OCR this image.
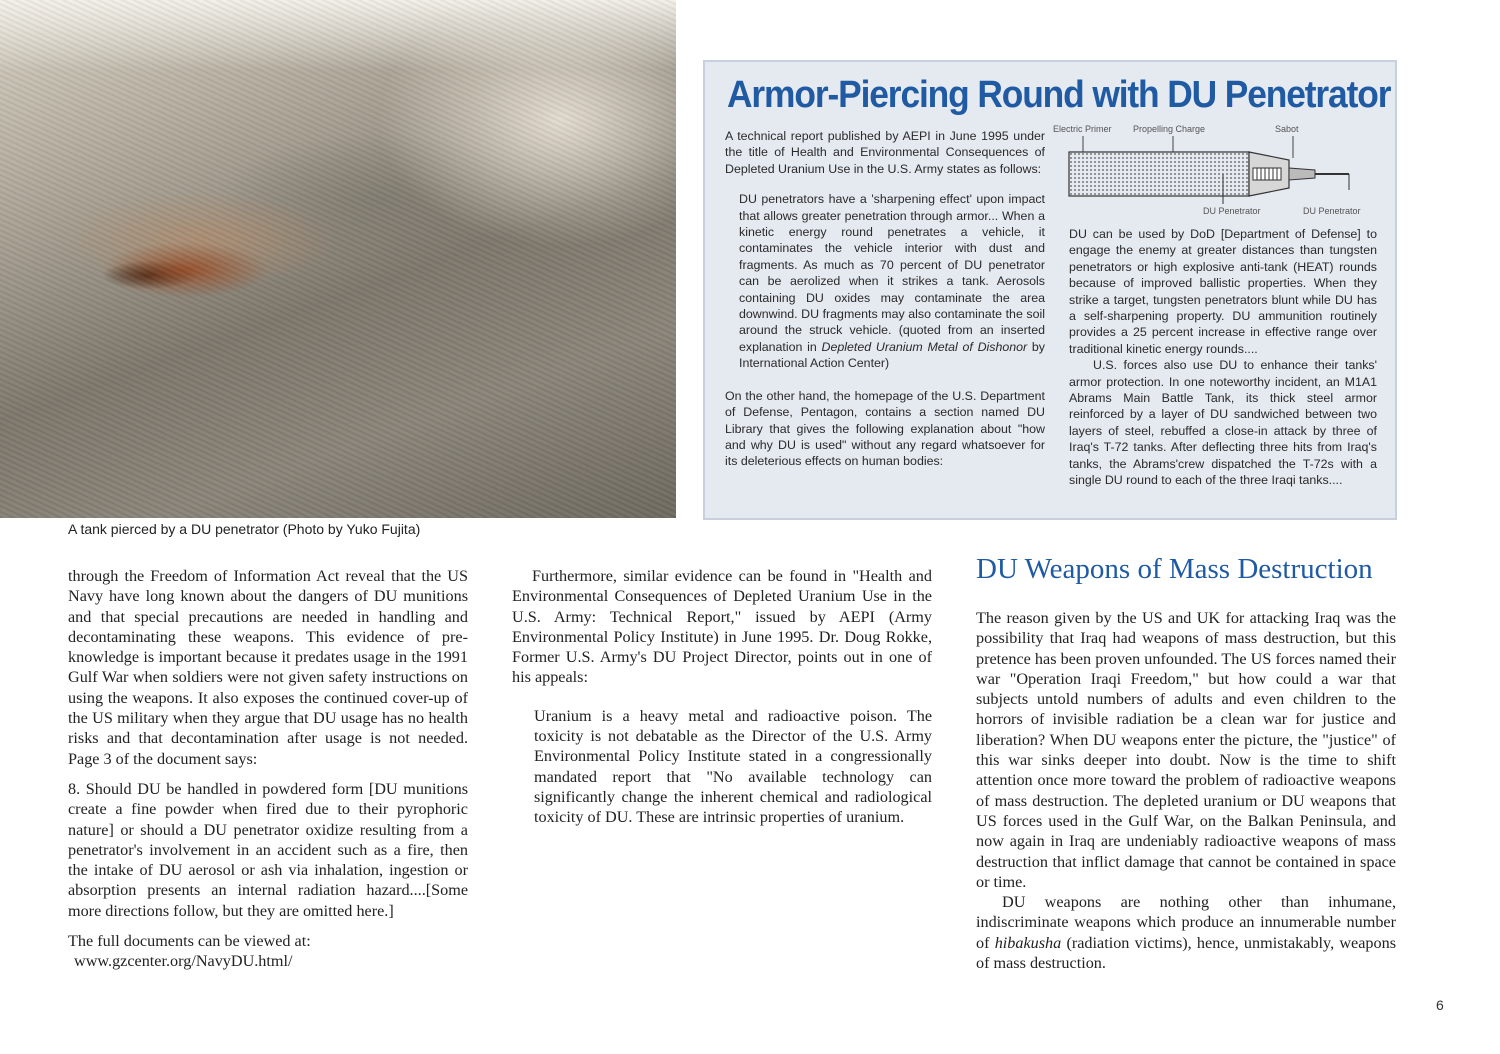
A tank pierced by a DU penetrator (Photo by Yuko Fujita)
Armor-Piercing Round with DU Penetrator

A technical report published by AEPI in June 1995 under the title of Health and Environmental Consequences of Depleted Uranium Use in the U.S. Army states as follows:

DU penetrators have a 'sharpening effect' upon impact that allows greater penetration through armor... When a kinetic energy round penetrates a vehicle, it contaminates the vehicle interior with dust and fragments. As much as 70 percent of DU penetrator can be aerolized when it strikes a tank. Aerosols containing DU oxides may contaminate the area downwind. DU fragments may also contaminate the soil around the struck vehicle. (quoted from an inserted explanation in Depleted Uranium Metal of Dishonor by International Action Center)

On the other hand, the homepage of the U.S. Department of Defense, Pentagon, contains a section named DU Library that gives the following explanation about "how and why DU is used" without any regard whatsoever for its deleterious effects on human bodies:

Electric Primer Propelling Charge	Sabot
DU Penetrator	DU Penetrator

DU can be used by DoD [Department of Defense] to engage the enemy at greater distances than tungsten penetrators or high explosive anti-tank (HEAT) rounds because of improved ballistic properties. When they strike a target, tungsten penetrators blunt while DU has a self-sharpening property. DU ammunition routinely provides a 25 percent increase in effective range over traditional kinetic energy rounds....

U.S. forces also use DU to enhance their tanks' armor protection. In one noteworthy incident, an M1A1 Abrams Main Battle Tank, its thick steel armor reinforced by a layer of DU sandwiched between two layers of steel, rebuffed a close-in attack by three of Iraq's T-72 tanks. After deflecting three hits from Iraq's tanks, the Abrams'crew dispatched the T-72s with a single DU round to each of the three Iraqi tanks....

through the Freedom of Information Act reveal that the US Navy have long known about the dangers of DU munitions and that special precautions are needed in handling and decontaminating these weapons. This evidence of pre-knowledge is important because it predates usage in the 1991 Gulf War when soldiers were not given safety instructions on using the weapons. It also exposes the continued cover-up of the US military when they argue that DU usage has no health risks and that decontamination after usage is not needed. Page 3 of the document says:

8. Should DU be handled in powdered form [DU munitions create a fine powder when fired due to their pyrophoric nature] or should a DU penetrator oxidize resulting from a penetrator's involvement in an accident such as a fire, then the intake of DU aerosol or ash via inhalation, ingestion or absorption presents an internal radiation hazard....[Some more directions follow, but they are omitted here.]

The full documents can be viewed at:

www.gzcenter.org/NavyDU.html/

Furthermore, similar evidence can be found in "Health and Environmental Consequences of Depleted Uranium Use in the U.S. Army: Technical Report," issued by AEPI (Army Environmental Policy Institute) in June 1995. Dr. Doug Rokke, Former U.S. Army's DU Project Director, points out in one of his appeals:

Uranium is a heavy metal and radioactive poison. The toxicity is not debatable as the Director of the U.S. Army Environmental Policy Institute stated in a congressionally mandated report that "No available technology can significantly change the inherent chemical and radiological toxicity of DU. These are intrinsic properties of uranium.

DU Weapons of Mass Destruction

The reason given by the US and UK for attacking Iraq was the possibility that Iraq had weapons of mass destruction, but this pretence has been proven unfounded. The US forces named their war "Operation Iraqi Freedom," but how could a war that subjects untold numbers of adults and even children to the horrors of invisible radiation be a clean war for justice and liberation? When DU weapons enter the picture, the "justice" of this war sinks deeper into doubt. Now is the time to shift attention once more toward the problem of radioactive weapons of mass destruction. The depleted uranium or DU weapons that US forces used in the Gulf War, on the Balkan Peninsula, and now again in Iraq are undeniably radioactive weapons of mass destruction that inflict damage that cannot be contained in space or time.

DU weapons are nothing other than inhumane, indiscriminate weapons which produce an innumerable number of hibakusha (radiation victims), hence, unmistakably, weapons of mass destruction.

6
